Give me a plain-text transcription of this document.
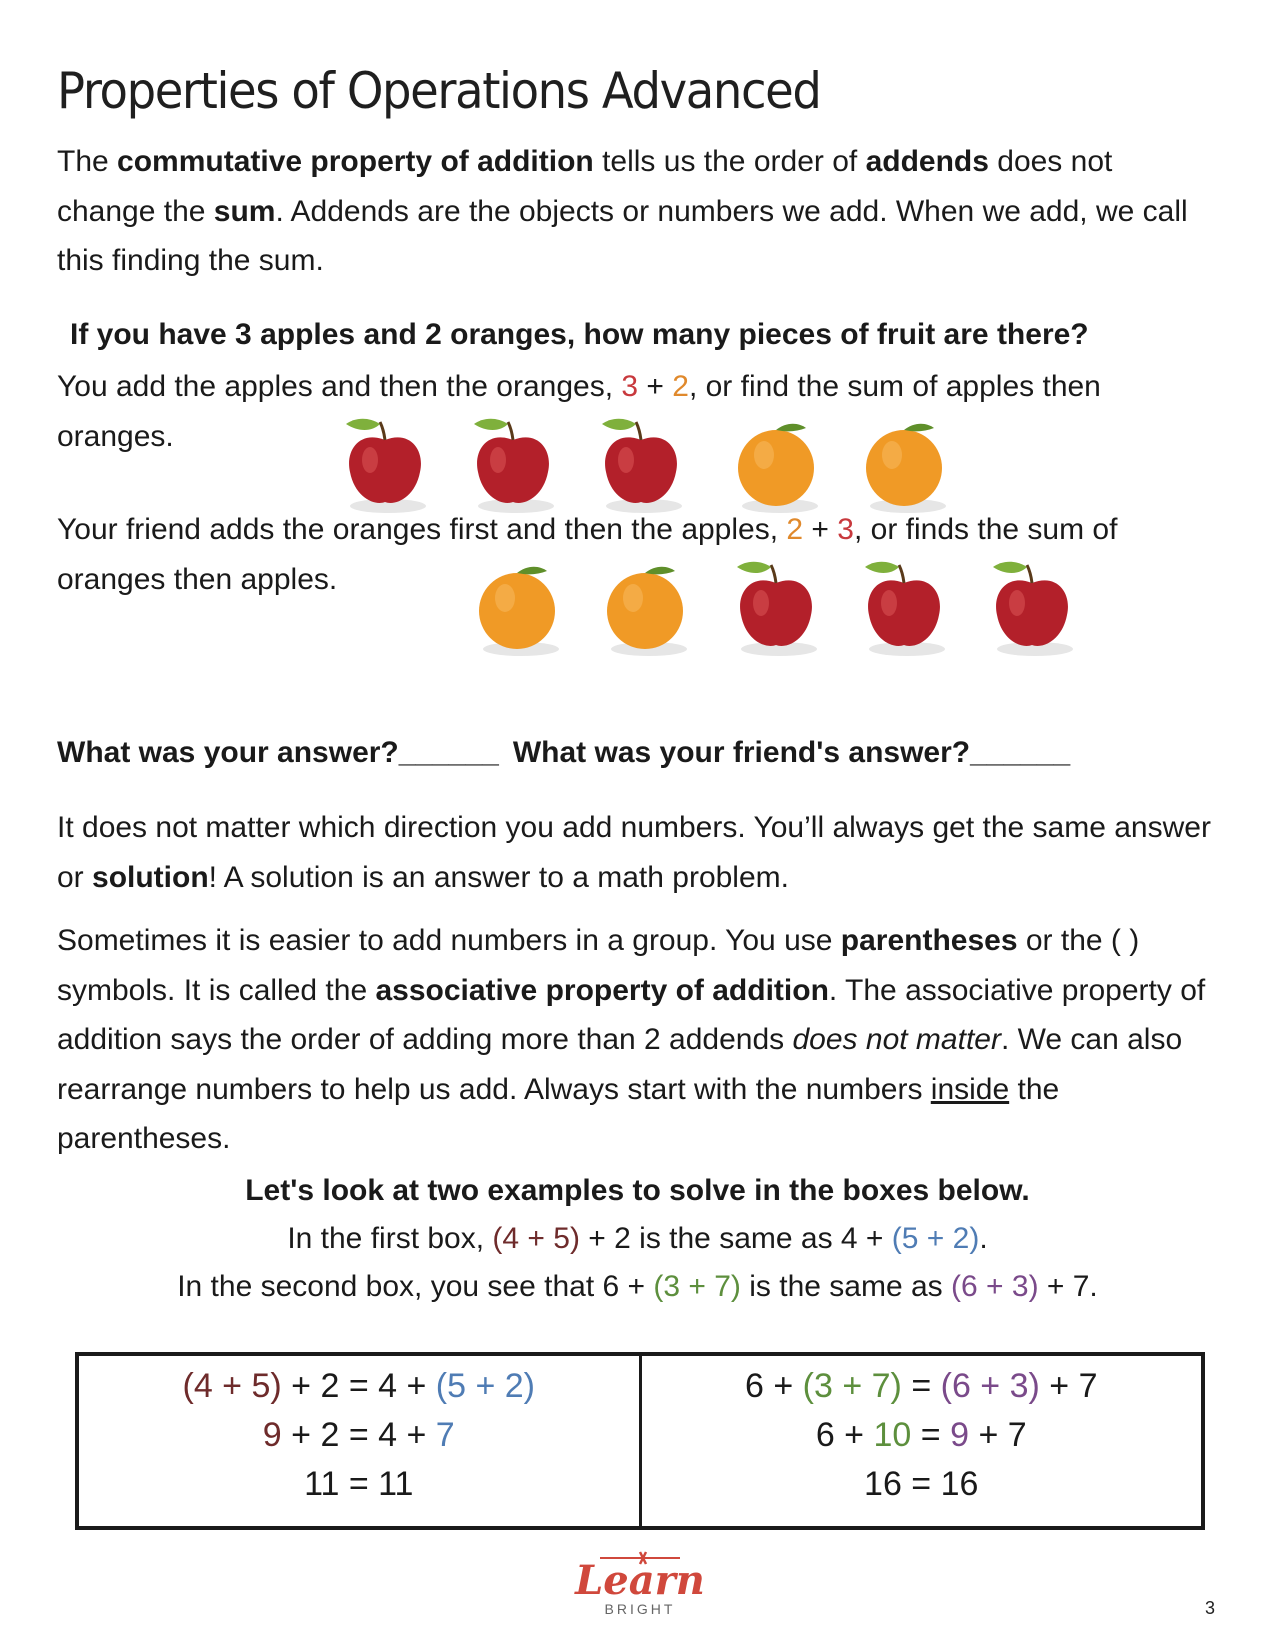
Properties of Operations Advanced

The commutative property of addition tells us the order of addends does not change the sum. Addends are the objects or numbers we add. When we add, we call this finding the sum.

If you have 3 apples and 2 oranges, how many pieces of fruit are there?

You add the apples and then the oranges, 3 + 2, or find the sum of apples then oranges.

Your friend adds the oranges first and then the apples, 2 + 3, or finds the sum of oranges then apples.

What was your answer?______ What was your friend's answer?______

It does not matter which direction you add numbers. You’ll always get the same answer or solution! A solution is an answer to a math problem.

Sometimes it is easier to add numbers in a group. You use parentheses or the ( ) symbols. It is called the associative property of addition. The associative property of addition says the order of adding more than 2 addends does not matter. We can also rearrange numbers to help us add. Always start with the numbers inside the parentheses.

Let's look at two examples to solve in the boxes below.

In the first box, (4 + 5) + 2 is the same as 4 + (5 + 2).

In the second box, you see that 6 + (3 + 7) is the same as (6 + 3) + 7.

(4 + 5) + 2 = 4 + (5 + 2)
9 + 2 = 4 + 7
11 = 11
6 + (3 + 7) = (6 + 3) + 7
6 + 10 = 9 + 7
16 = 16
Learn
BRIGHT	3
